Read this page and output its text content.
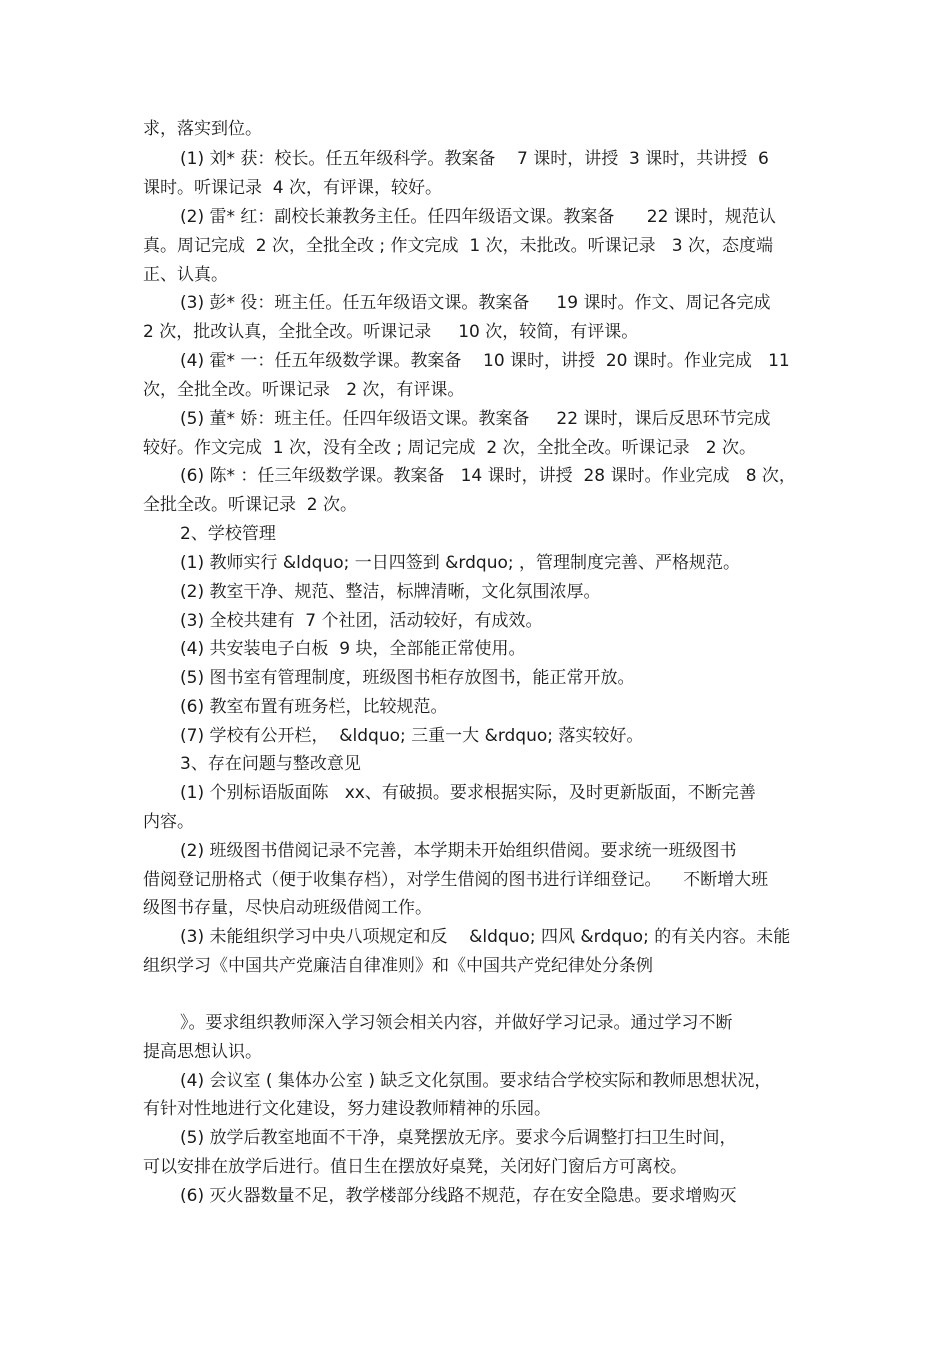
求，落实到位。

(1) 刘* 获：校长。任五年级科学。教案备    7 课时，讲授  3 课时，共讲授  6

课时。听课记录  4 次，有评课，较好。

(2) 雷* 红：副校长兼教务主任。任四年级语文课。教案备      22 课时，规范认

真。周记完成  2 次，全批全改 ; 作文完成  1 次，未批改。听课记录   3 次，态度端

正、认真。

(3) 彭* 役：班主任。任五年级语文课。教案备     19 课时。作文、周记各完成

2 次，批改认真，全批全改。听课记录     10 次，较简，有评课。

(4) 霍* 一：任五年级数学课。教案备    10 课时，讲授  20 课时。作业完成   11

次，全批全改。听课记录   2 次，有评课。

(5) 董* 娇：班主任。任四年级语文课。教案备     22 课时，课后反思环节完成

较好。作文完成  1 次，没有全改 ; 周记完成  2 次，全批全改。听课记录   2 次。

(6) 陈* ：任三年级数学课。教案备   14 课时，讲授  28 课时。作业完成   8 次，

全批全改。听课记录  2 次。

2、学校管理

(1) 教师实行 &ldquo; 一日四签到 &rdquo; ，管理制度完善、严格规范。

(2) 教室干净、规范、整洁，标牌清晰，文化氛围浓厚。

(3) 全校共建有  7 个社团，活动较好，有成效。

(4) 共安装电子白板  9 块，全部能正常使用。

(5) 图书室有管理制度，班级图书柜存放图书，能正常开放。

(6) 教室布置有班务栏，比较规范。

(7) 学校有公开栏，  &ldquo; 三重一大 &rdquo; 落实较好。

3、存在问题与整改意见

(1) 个别标语版面陈   xx、有破损。要求根据实际，及时更新版面，不断完善

内容。

(2) 班级图书借阅记录不完善，本学期未开始组织借阅。要求统一班级图书

借阅登记册格式（便于收集存档），对学生借阅的图书进行详细登记。    不断增大班

级图书存量，尽快启动班级借阅工作。

(3) 未能组织学习中央八项规定和反    &ldquo; 四风 &rdquo; 的有关内容。未能

组织学习《中国共产党廉洁自律准则》和《中国共产党纪律处分条例

》。要求组织教师深入学习领会相关内容，并做好学习记录。通过学习不断

提高思想认识。

(4) 会议室 ( 集体办公室 ) 缺乏文化氛围。要求结合学校实际和教师思想状况，

有针对性地进行文化建设，努力建设教师精神的乐园。

(5) 放学后教室地面不干净，桌凳摆放无序。要求今后调整打扫卫生时间，

可以安排在放学后进行。值日生在摆放好桌凳，关闭好门窗后方可离校。

(6) 灭火器数量不足，教学楼部分线路不规范，存在安全隐患。要求增购灭
